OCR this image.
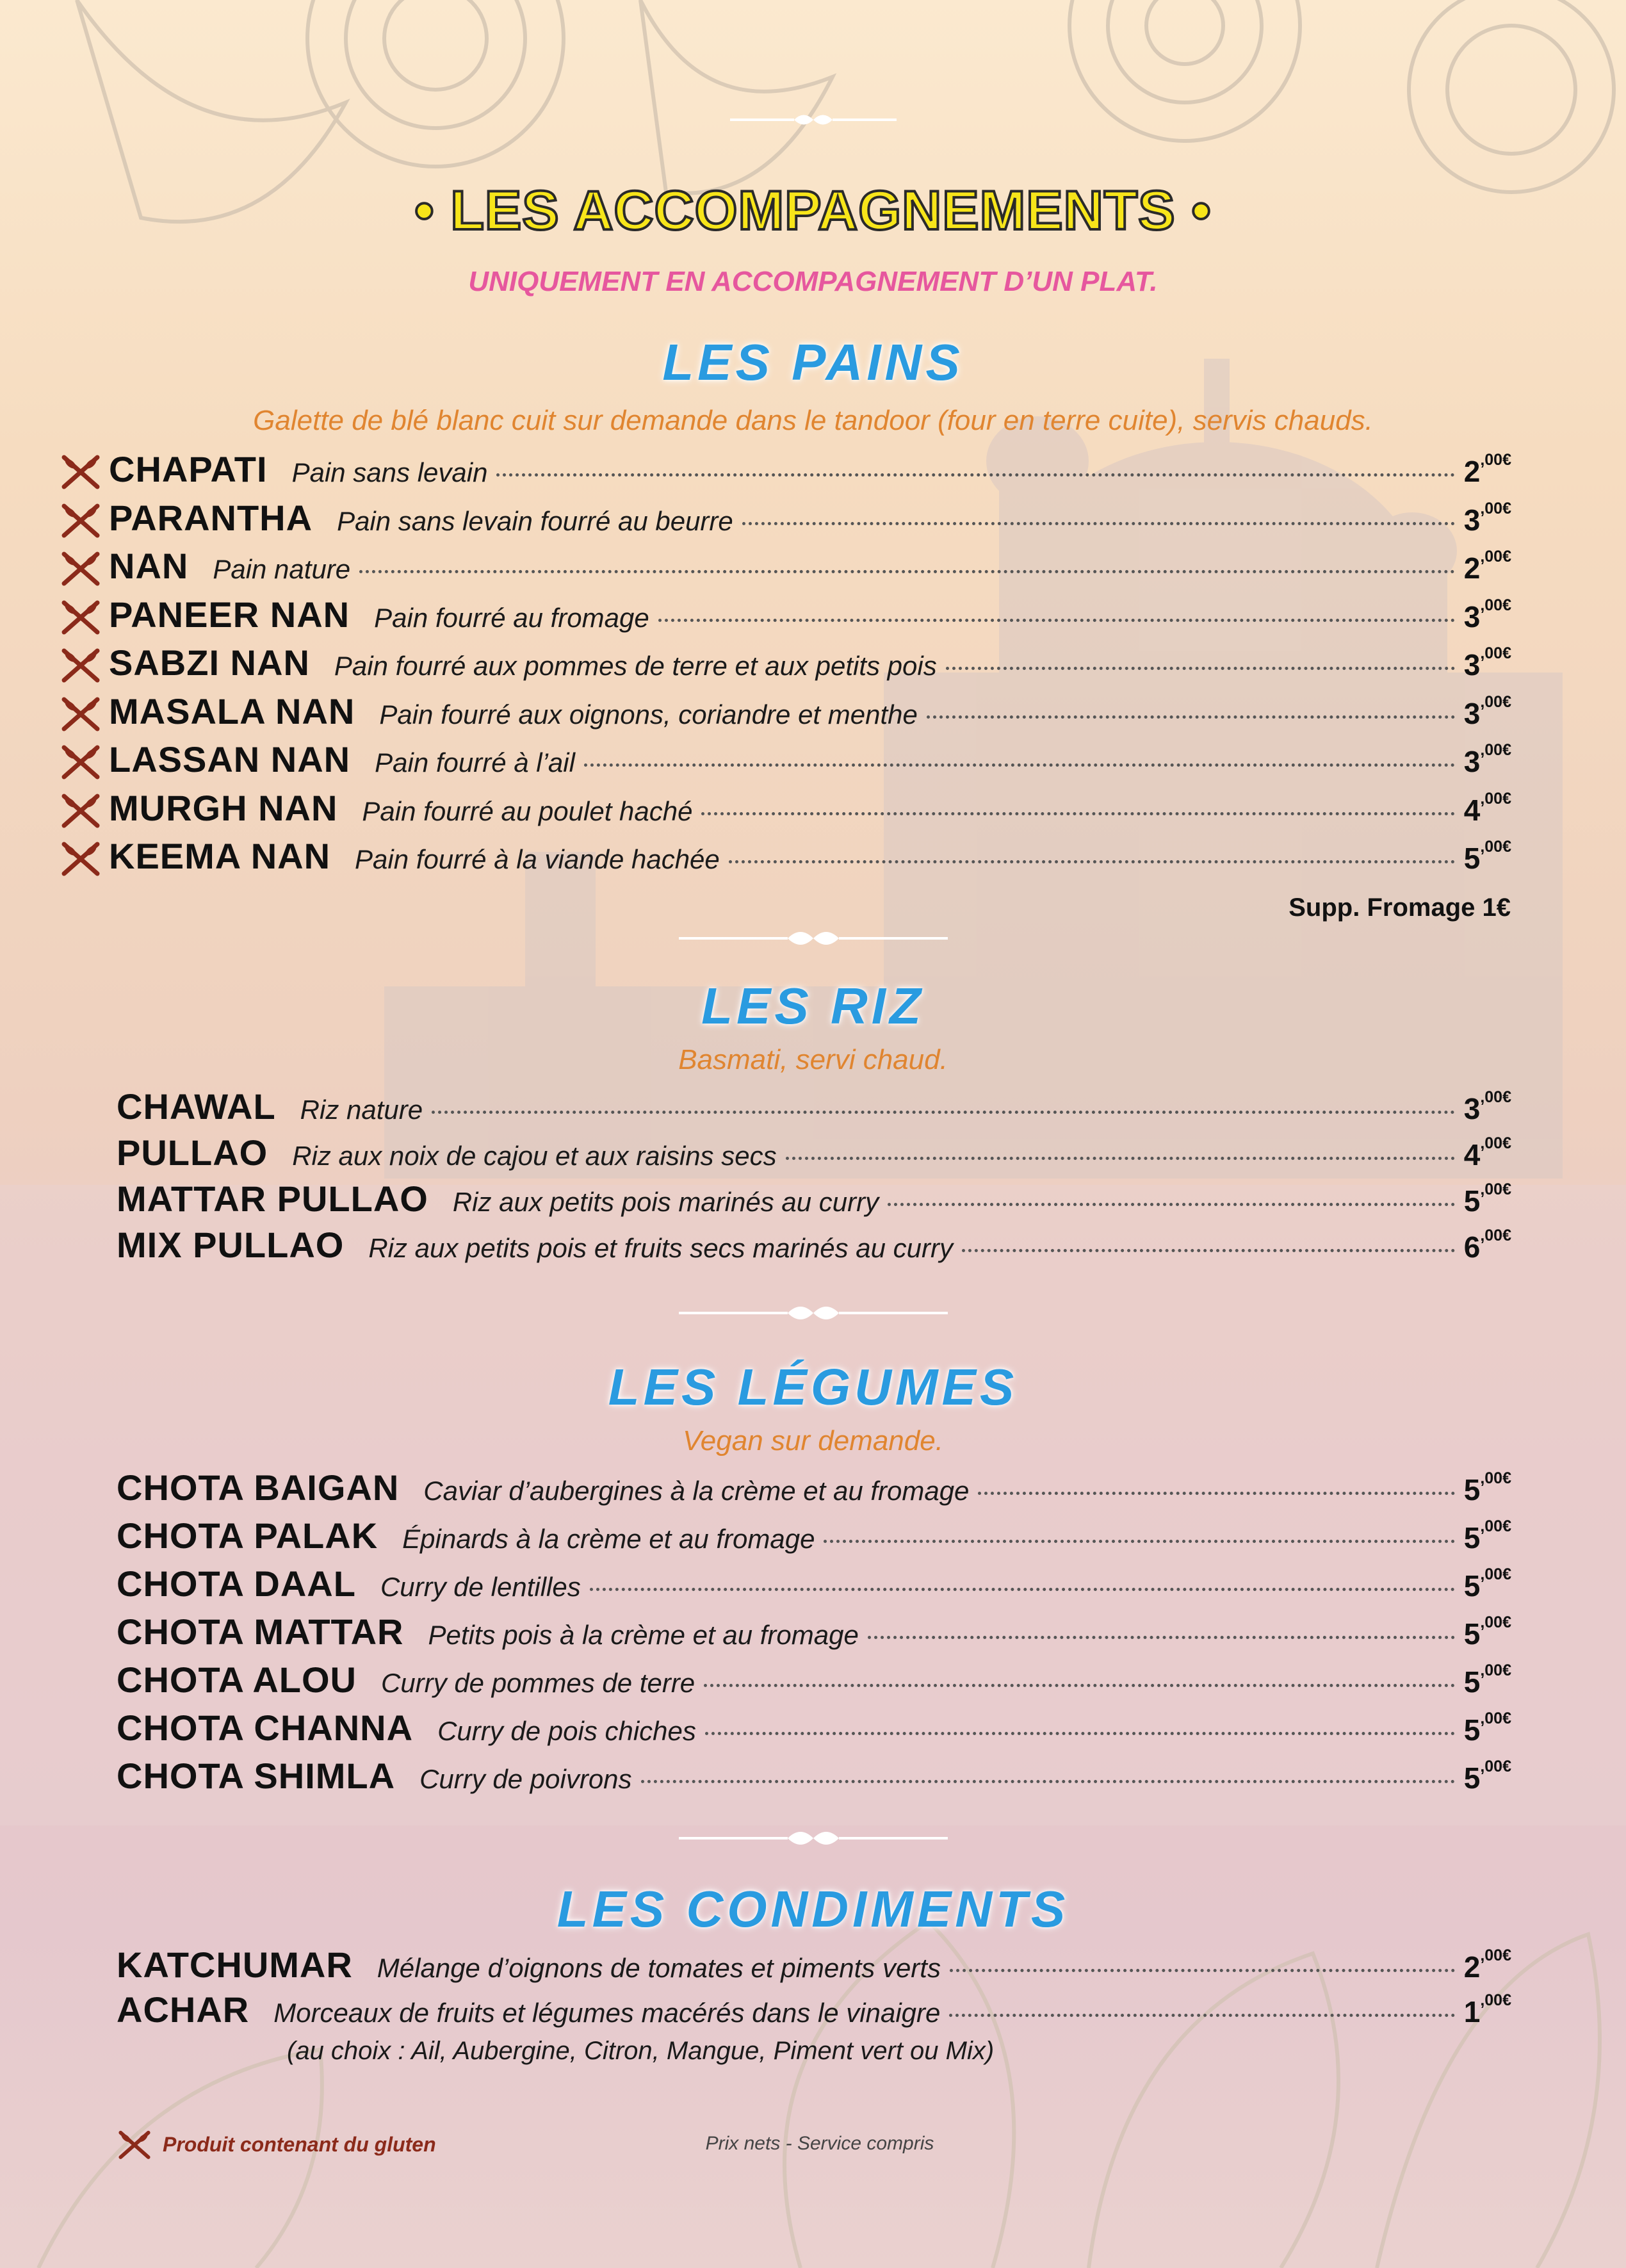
• LES ACCOMPAGNEMENTS •
UNIQUEMENT EN ACCOMPAGNEMENT D’UN PLAT.
LES PAINS
Galette de blé blanc cuit sur demande dans le tandoor (four en terre cuite), servis chauds.
CHAPATI Pain sans levain	$2^{,00€}$
PARANTHA Pain sans levain fourré au beurre	$3^{,00€}$
NAN Pain nature	$2^{,00€}$
PANEER NAN Pain fourré au fromage	$3^{,00€}$
SABZI NAN Pain fourré aux pommes de terre et aux petits pois	$3^{,00€}$
MASALA NAN Pain fourré aux oignons, coriandre et menthe	$3^{,00€}$
LASSAN NAN Pain fourré à l’ail	$3^{,00€}$
MURGH NAN Pain fourré au poulet haché	$4^{,00€}$
KEEMA NAN Pain fourré à la viande hachée	$5^{,00€}$
Supp. Fromage 1€
LES RIZ
Basmati, servi chaud.
CHAWAL Riz nature	$3^{,00€}$
PULLAO Riz aux noix de cajou et aux raisins secs	$4^{,00€}$
MATTAR PULLAO Riz aux petits pois marinés au curry	$5^{,00€}$
MIX PULLAO Riz aux petits pois et fruits secs marinés au curry	$6^{,00€}$
LES LÉGUMES
Vegan sur demande.
CHOTA BAIGAN Caviar d’aubergines à la crème et au fromage	$5^{,00€}$
CHOTA PALAK Épinards à la crème et au fromage	$5^{,00€}$
CHOTA DAAL Curry de lentilles	$5^{,00€}$
CHOTA MATTAR Petits pois à la crème et au fromage	$5^{,00€}$
CHOTA ALOU Curry de pommes de terre	$5^{,00€}$
CHOTA CHANNA Curry de pois chiches	$5^{,00€}$
CHOTA SHIMLA Curry de poivrons	$5^{,00€}$
LES CONDIMENTS
KATCHUMAR Mélange d’oignons de tomates et piments verts	$2^{,00€}$
ACHAR Morceaux de fruits et légumes macérés dans le vinaigre	$1^{,00€}$
(au choix : Ail, Aubergine, Citron, Mangue, Piment vert ou Mix)
Produit contenant du gluten	Prix nets - Service compris
